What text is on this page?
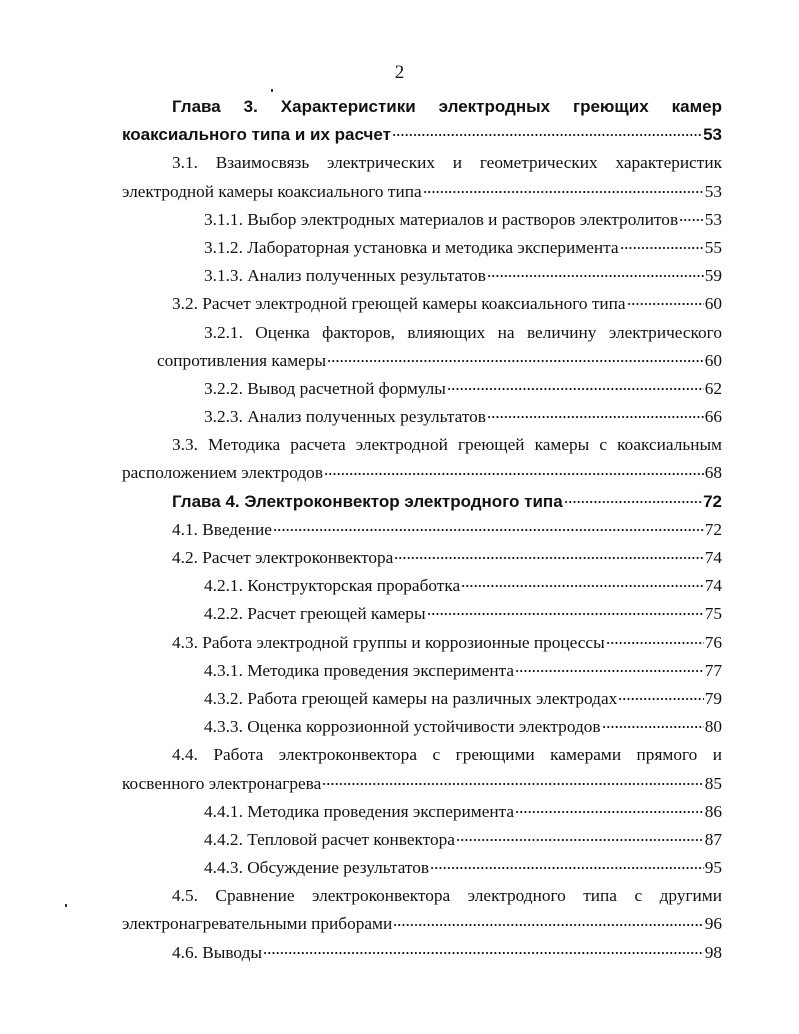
2
Глава 3. Характеристики электродных греющих камер
коаксиального типа и их расчет	53
3.1. Взаимосвязь электрических и геометрических характеристик
электродной камеры коаксиального типа	53
3.1.1. Выбор электродных материалов и растворов электролитов 53
3.1.2. Лабораторная установка и методика эксперимента	55
3.1.3. Анализ полученных результатов	59
3.2. Расчет электродной греющей камеры коаксиального типа	60
3.2.1. Оценка факторов, влияющих на величину электрического
сопротивления камеры	60
3.2.2. Вывод расчетной формулы	62
3.2.3. Анализ полученных результатов	66
3.3. Методика расчета электродной греющей камеры с коаксиальным
расположением электродов	68
Глава 4. Электроконвектор электродного типа	72
4.1. Введение	72
4.2. Расчет электроконвектора	74
4.2.1. Конструкторская проработка	74
4.2.2. Расчет греющей камеры	75
4.3. Работа электродной группы и коррозионные процессы	76
4.3.1. Методика проведения эксперимента	77
4.3.2. Работа греющей камеры на различных электродах	79
4.3.3. Оценка коррозионной устойчивости электродов	80
4.4. Работа электроконвектора с греющими камерами прямого и
косвенного электронагрева	85
4.4.1. Методика проведения эксперимента	86
4.4.2. Тепловой расчет конвектора	87
4.4.3. Обсуждение результатов	95
4.5. Сравнение электроконвектора электродного типа с другими
электронагревательными приборами	96
4.6. Выводы	98
